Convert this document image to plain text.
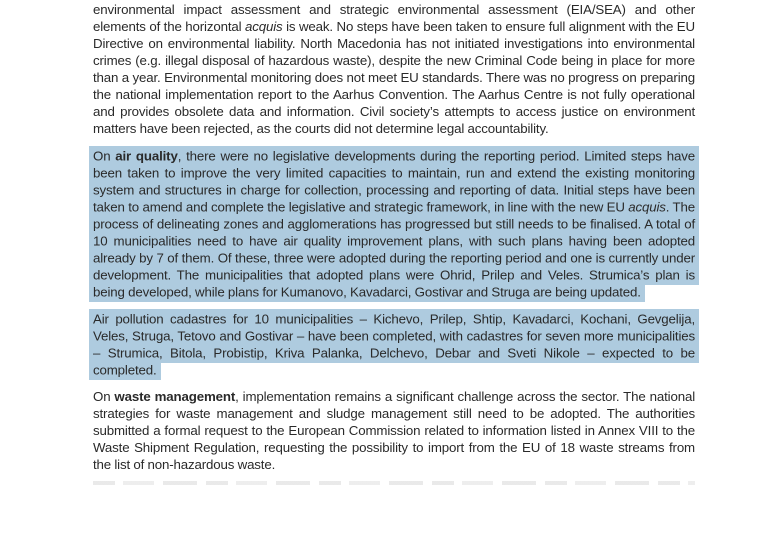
environmental impact assessment and strategic environmental assessment (EIA/SEA) and other elements of the horizontal acquis is weak. No steps have been taken to ensure full alignment with the EU Directive on environmental liability. North Macedonia has not initiated investigations into environmental crimes (e.g. illegal disposal of hazardous waste), despite the new Criminal Code being in place for more than a year. Environmental monitoring does not meet EU standards. There was no progress on preparing the national implementation report to the Aarhus Convention. The Aarhus Centre is not fully operational and provides obsolete data and information. Civil society’s attempts to access justice on environment matters have been rejected, as the courts did not determine legal accountability.

On air quality, there were no legislative developments during the reporting period. Limited steps have been taken to improve the very limited capacities to maintain, run and extend the existing monitoring system and structures in charge for collection, processing and reporting of data. Initial steps have been taken to amend and complete the legislative and strategic framework, in line with the new EU acquis. The process of delineating zones and agglomerations has progressed but still needs to be finalised. A total of 10 municipalities need to have air quality improvement plans, with such plans having been adopted already by 7 of them. Of these, three were adopted during the reporting period and one is currently under development. The municipalities that adopted plans were Ohrid, Prilep and Veles. Strumica’s plan is being developed, while plans for Kumanovo, Kavadarci, Gostivar and Struga are being updated.

Air pollution cadastres for 10 municipalities – Kichevo, Prilep, Shtip, Kavadarci, Kochani, Gevgelija, Veles, Struga, Tetovo and Gostivar – have been completed, with cadastres for seven more municipalities – Strumica, Bitola, Probistip, Kriva Palanka, Delchevo, Debar and Sveti Nikole – expected to be completed.

On waste management, implementation remains a significant challenge across the sector. The national strategies for waste management and sludge management still need to be adopted. The authorities submitted a formal request to the European Commission related to information listed in Annex VIII to the Waste Shipment Regulation, requesting the possibility to import from the EU of 18 waste streams from the list of non-hazardous waste.
